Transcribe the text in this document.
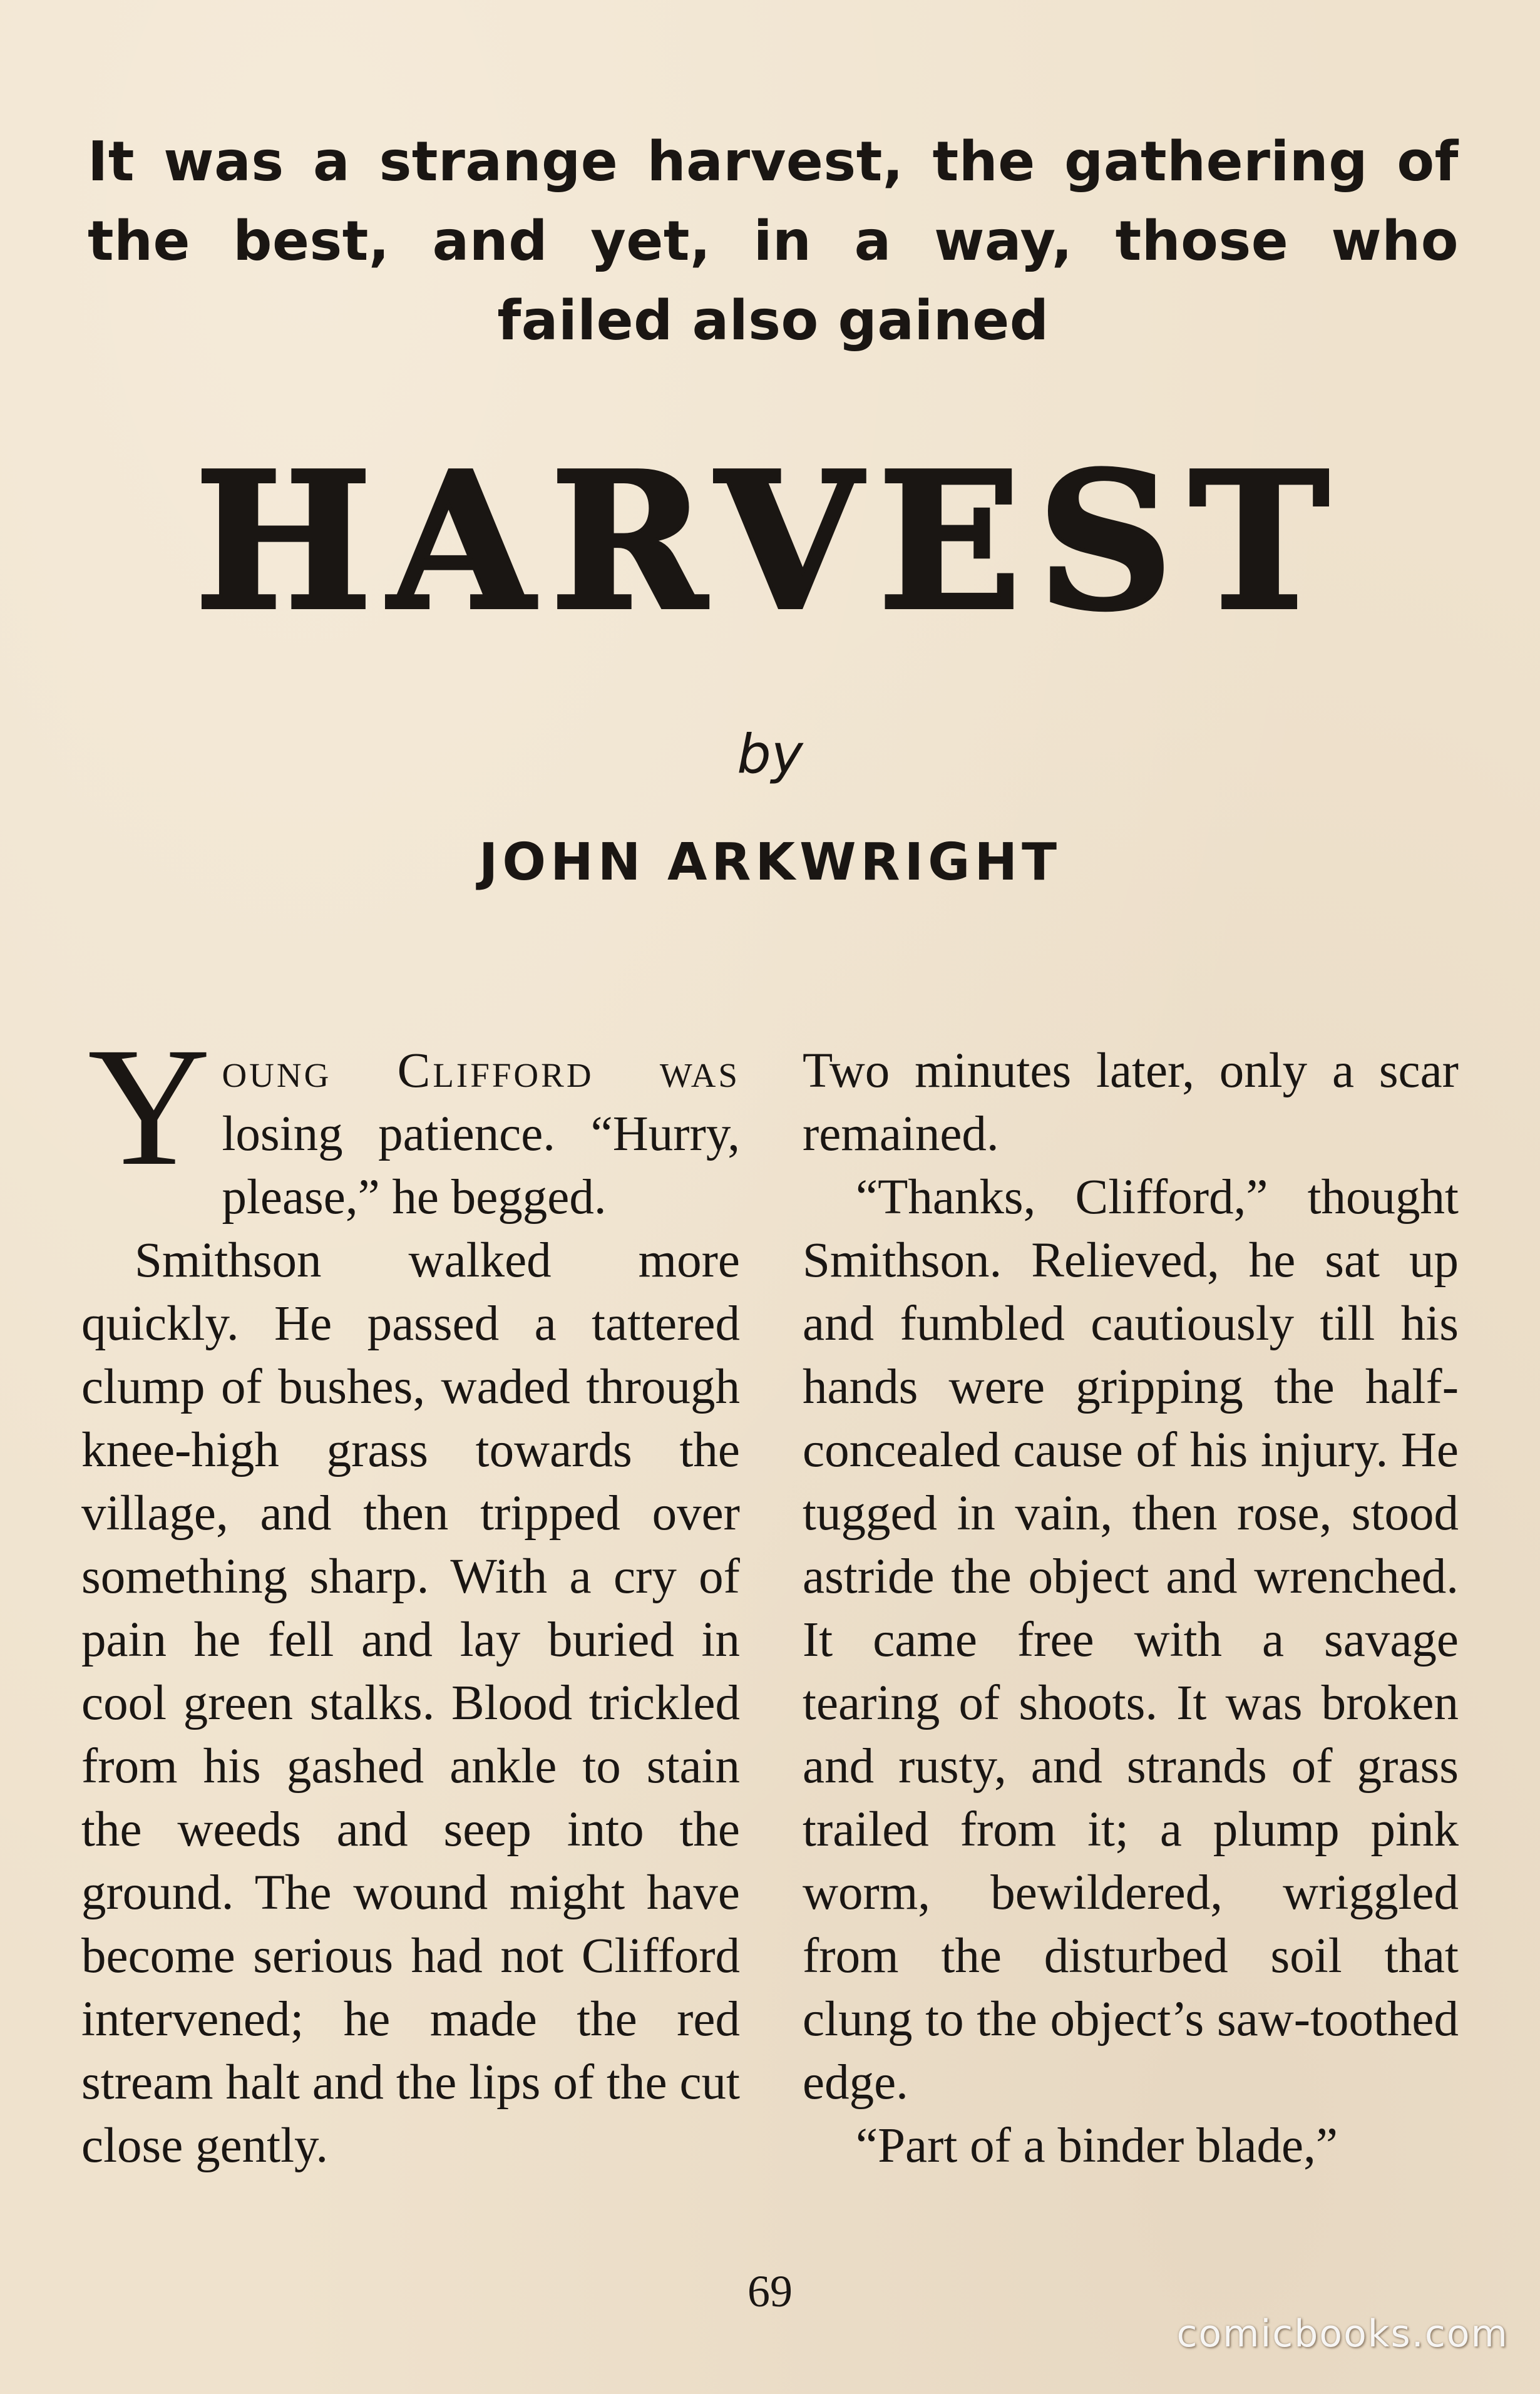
It was a strange harvest, the gathering of the best, and yet, in a way, those who failed also gained

HARVEST
by
JOHN ARKWRIGHT

Young Clifford was losing patience. “Hurry, please,” he begged.

Smithson walked more quickly. He passed a tattered clump of bushes, waded through knee-high grass towards the village, and then tripped over something sharp. With a cry of pain he fell and lay buried in cool green stalks. Blood trickled from his gashed ankle to stain the weeds and seep into the ground. The wound might have become serious had not Clifford intervened; he made the red stream halt and the lips of the cut close gently.

Two minutes later, only a scar remained.

“Thanks, Clifford,” thought Smithson. Relieved, he sat up and fumbled cautiously till his hands were gripping the half-concealed cause of his injury. He tugged in vain, then rose, stood astride the object and wrenched. It came free with a savage tearing of shoots. It was broken and rusty, and strands of grass trailed from it; a plump pink worm, bewildered, wriggled from the disturbed soil that clung to the object’s saw-toothed edge.

“Part of a binder blade,”

69
comicbooks.com
